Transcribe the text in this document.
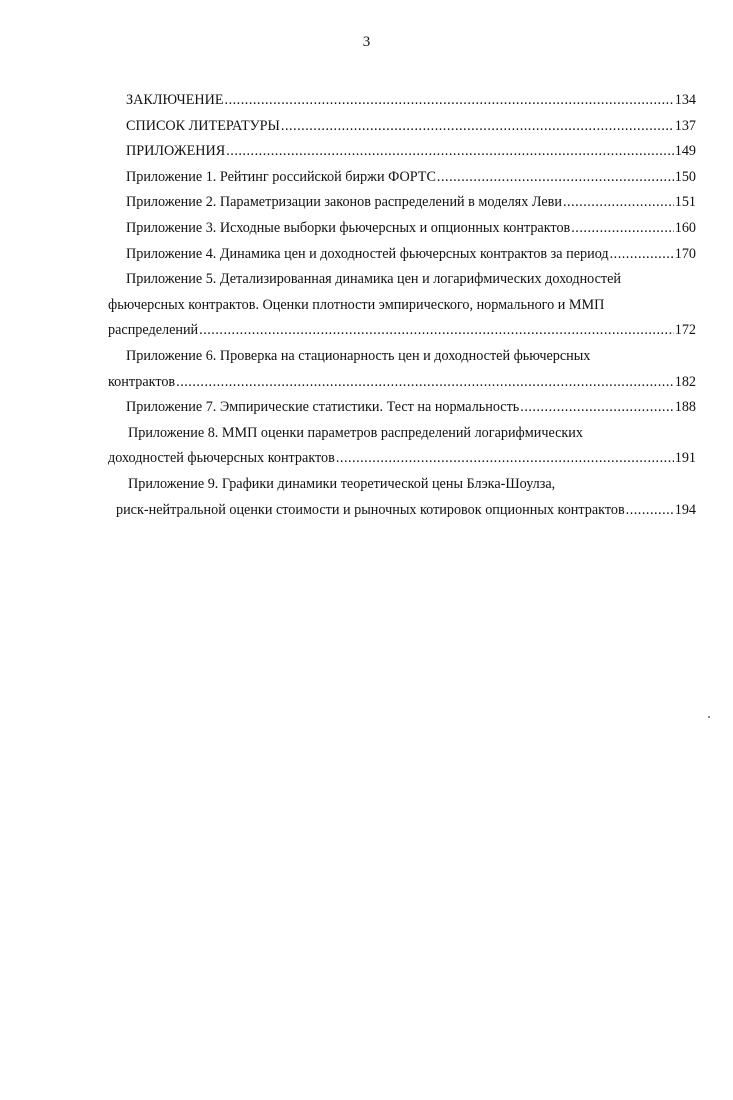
3
ЗАКЛЮЧЕНИЕ .....	134
СПИСОК ЛИТЕРАТУРЫ .....	137
ПРИЛОЖЕНИЯ .....	149
Приложение 1. Рейтинг российской биржи ФОРТС .....	150
Приложение 2. Параметризации законов распределений в моделях Леви .....	151
Приложение 3. Исходные выборки фьючерсных и опционных контрактов .....	160
Приложение 4. Динамика цен и доходностей фьючерсных контрактов за период .....	170
Приложение 5. Детализированная динамика цен и логарифмических доходностей
фьючерсных контрактов. Оценки плотности эмпирического, нормального и ММП
распределений .....	172
Приложение 6. Проверка на стационарность цен и доходностей фьючерсных
контрактов .....	182
Приложение 7. Эмпирические статистики. Тест на нормальность .....	188
Приложение 8. ММП оценки параметров распределений логарифмических
доходностей фьючерсных контрактов .....	191
Приложение 9. Графики динамики теоретической цены Блэка-Шоулза,
риск-нейтральной оценки стоимости и рыночных котировок опционных контрактов .....	194
